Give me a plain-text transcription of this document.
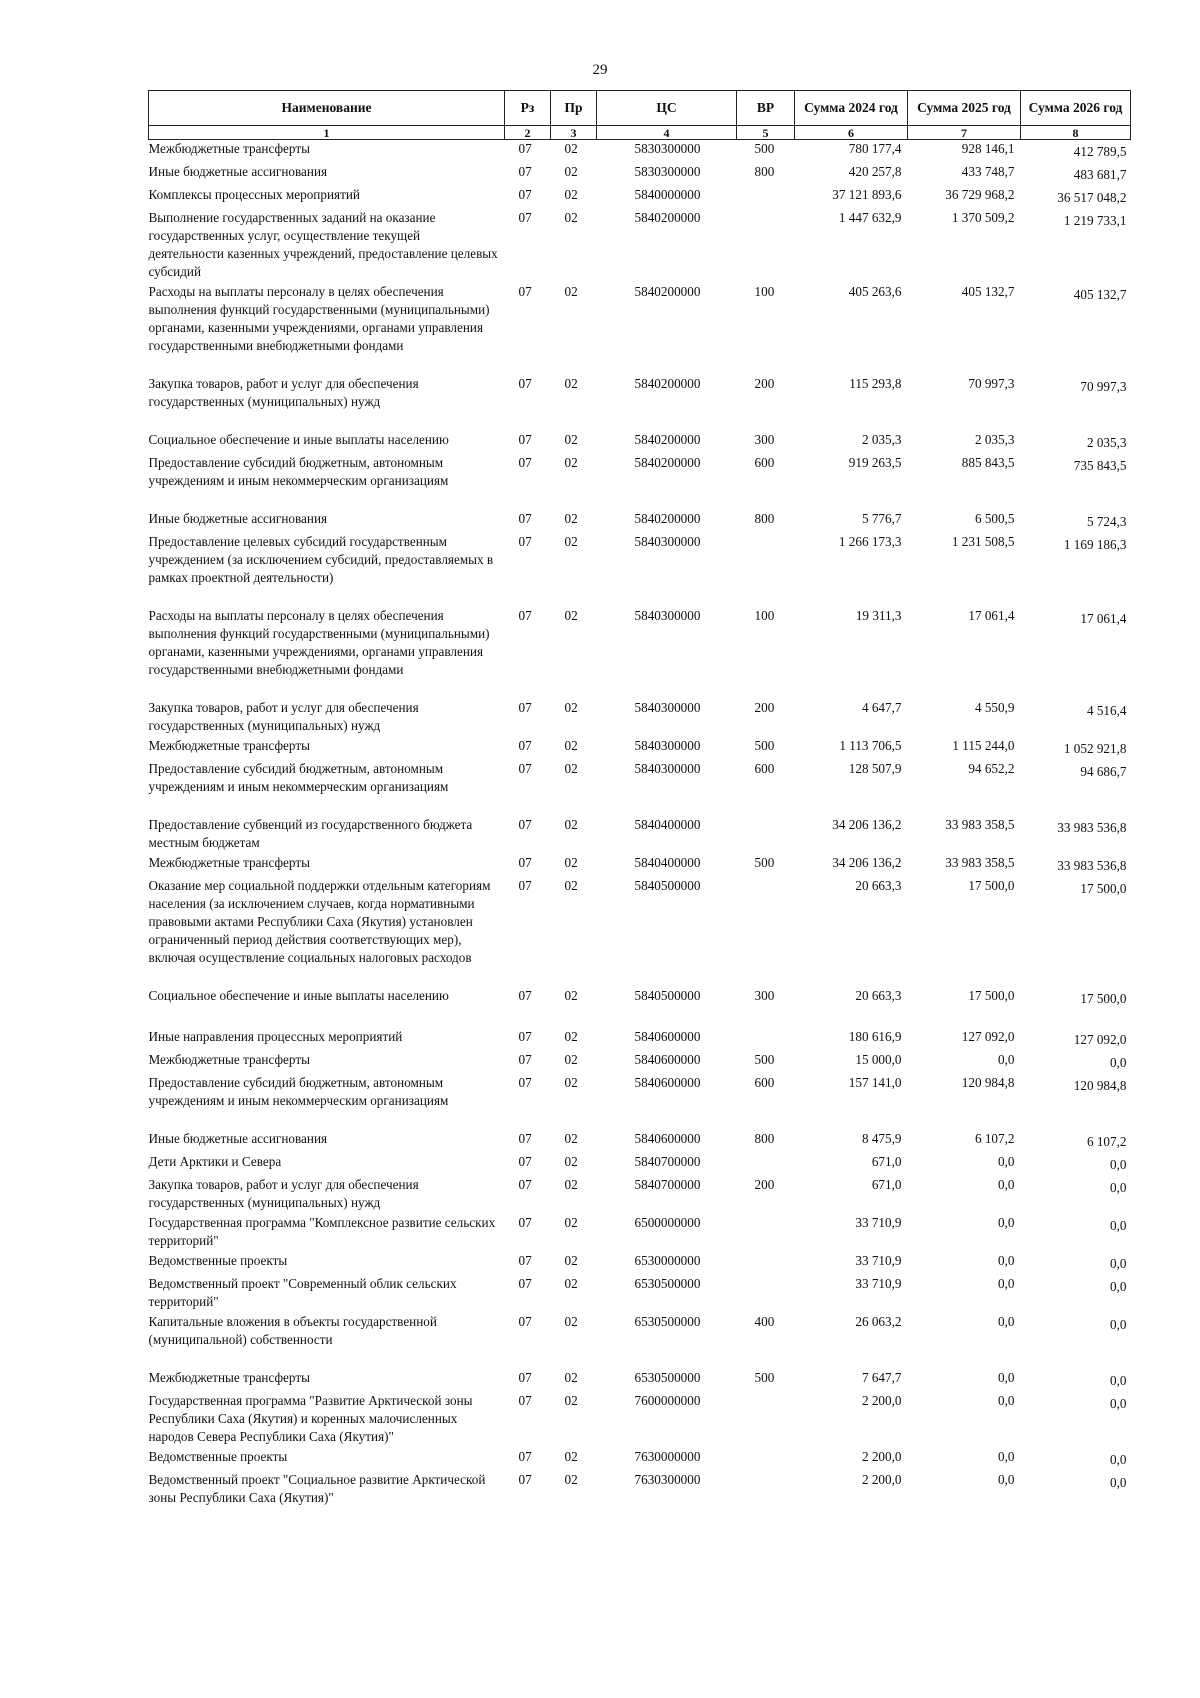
29
Наименование	Рз	Пр	ЦС	ВР	Сумма 2024 год	Сумма 2025 год	Сумма 2026 год
1	2	3	4	5	6	7	8
Межбюджетные трансферты	07	02	5830300000	500	780 177,4	928 146,1	412 789,5
Иные бюджетные ассигнования	07	02	5830300000	800	420 257,8	433 748,7	483 681,7
Комплексы процессных мероприятий	07	02	5840000000		37 121 893,6	36 729 968,2	36 517 048,2
Выполнение государственных заданий на оказание государственных услуг, осуществление текущей деятельности казенных учреждений, предоставление целевых субсидий	07	02	5840200000		1 447 632,9	1 370 509,2	1 219 733,1
Расходы на выплаты персоналу в целях обеспечения выполнения функций государственными (муниципальными) органами, казенными учреждениями, органами управления государственными внебюджетными фондами	07	02	5840200000	100	405 263,6	405 132,7	405 132,7
Закупка товаров, работ и услуг для обеспечения государственных (муниципальных) нужд	07	02	5840200000	200	115 293,8	70 997,3	70 997,3
Социальное обеспечение и иные выплаты населению	07	02	5840200000	300	2 035,3	2 035,3	2 035,3
Предоставление субсидий бюджетным, автономным учреждениям и иным некоммерческим организациям	07	02	5840200000	600	919 263,5	885 843,5	735 843,5
Иные бюджетные ассигнования	07	02	5840200000	800	5 776,7	6 500,5	5 724,3
Предоставление целевых субсидий государственным учреждением (за исключением субсидий, предоставляемых в рамках проектной деятельности)	07	02	5840300000		1 266 173,3	1 231 508,5	1 169 186,3
Расходы на выплаты персоналу в целях обеспечения выполнения функций государственными (муниципальными) органами, казенными учреждениями, органами управления государственными внебюджетными фондами	07	02	5840300000	100	19 311,3	17 061,4	17 061,4
Закупка товаров, работ и услуг для обеспечения государственных (муниципальных) нужд	07	02	5840300000	200	4 647,7	4 550,9	4 516,4
Межбюджетные трансферты	07	02	5840300000	500	1 113 706,5	1 115 244,0	1 052 921,8
Предоставление субсидий бюджетным, автономным учреждениям и иным некоммерческим организациям	07	02	5840300000	600	128 507,9	94 652,2	94 686,7
Предоставление субвенций из государственного бюджета местным бюджетам	07	02	5840400000		34 206 136,2	33 983 358,5	33 983 536,8
Межбюджетные трансферты	07	02	5840400000	500	34 206 136,2	33 983 358,5	33 983 536,8
Оказание мер социальной поддержки отдельным категориям населения (за исключением случаев, когда нормативными правовыми актами Республики Саха (Якутия) установлен ограниченный период действия соответствующих мер), включая осуществление социальных налоговых расходов	07	02	5840500000		20 663,3	17 500,0	17 500,0
Социальное обеспечение и иные выплаты населению	07	02	5840500000	300	20 663,3	17 500,0	17 500,0
Иные направления процессных мероприятий	07	02	5840600000		180 616,9	127 092,0	127 092,0
Межбюджетные трансферты	07	02	5840600000	500	15 000,0	0,0	0,0
Предоставление субсидий бюджетным, автономным учреждениям и иным некоммерческим организациям	07	02	5840600000	600	157 141,0	120 984,8	120 984,8
Иные бюджетные ассигнования	07	02	5840600000	800	8 475,9	6 107,2	6 107,2
Дети Арктики и Севера	07	02	5840700000		671,0	0,0	0,0
Закупка товаров, работ и услуг для обеспечения государственных (муниципальных) нужд	07	02	5840700000	200	671,0	0,0	0,0
Государственная программа "Комплексное развитие сельских территорий"	07	02	6500000000		33 710,9	0,0	0,0
Ведомственные проекты	07	02	6530000000		33 710,9	0,0	0,0
Ведомственный проект "Современный облик сельских территорий"	07	02	6530500000		33 710,9	0,0	0,0
Капитальные вложения в объекты государственной (муниципальной) собственности	07	02	6530500000	400	26 063,2	0,0	0,0
Межбюджетные трансферты	07	02	6530500000	500	7 647,7	0,0	0,0
Государственная программа "Развитие Арктической зоны Республики Саха (Якутия) и коренных малочисленных народов Севера Республики Саха (Якутия)"	07	02	7600000000		2 200,0	0,0	0,0
Ведомственные проекты	07	02	7630000000		2 200,0	0,0	0,0
Ведомственный проект "Социальное развитие Арктической зоны Республики Саха (Якутия)"	07	02	7630300000		2 200,0	0,0	0,0
